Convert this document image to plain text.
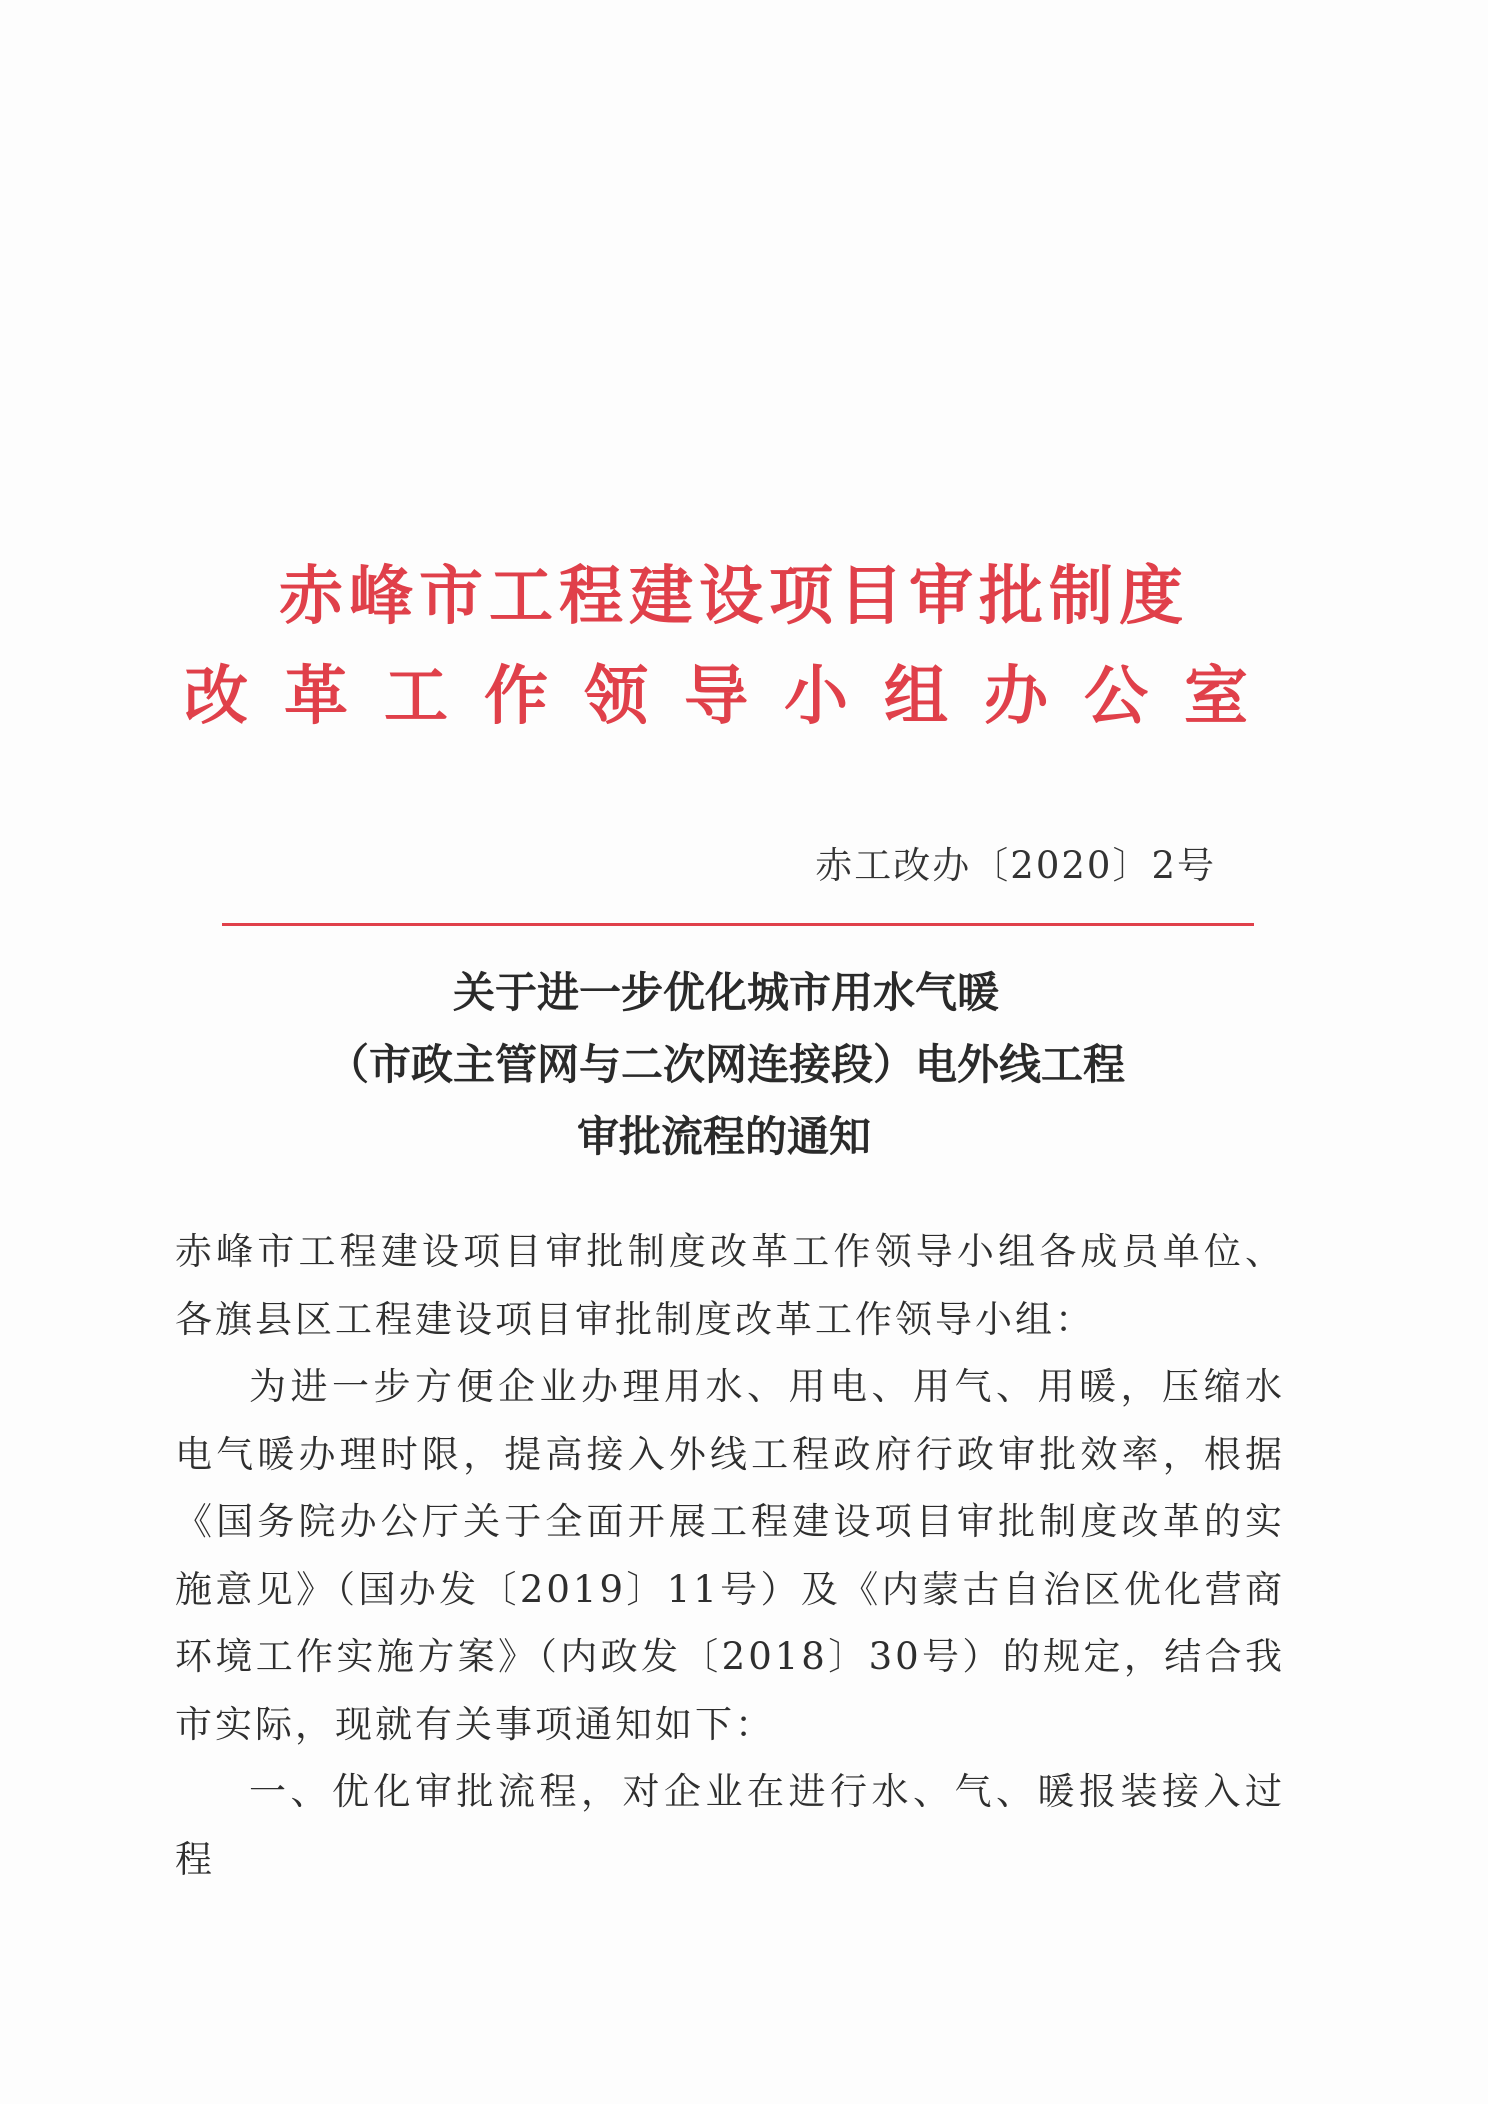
赤峰市工程建设项目审批制度
改革工作领导小组办公室
赤工改办〔2020〕2号
关于进一步优化城市用水气暖
（市政主管网与二次网连接段）电外线工程
审批流程的通知

赤峰市工程建设项目审批制度改革工作领导小组各成员单位、各旗县区工程建设项目审批制度改革工作领导小组：

为进一步方便企业办理用水、用电、用气、用暖，压缩水电气暖办理时限，提高接入外线工程政府行政审批效率，根据《国务院办公厅关于全面开展工程建设项目审批制度改革的实施意见》（国办发〔2019〕11号）及《内蒙古自治区优化营商环境工作实施方案》（内政发〔2018〕30号）的规定，结合我市实际，现就有关事项通知如下：

一、优化审批流程，对企业在进行水、气、暖报装接入过程
